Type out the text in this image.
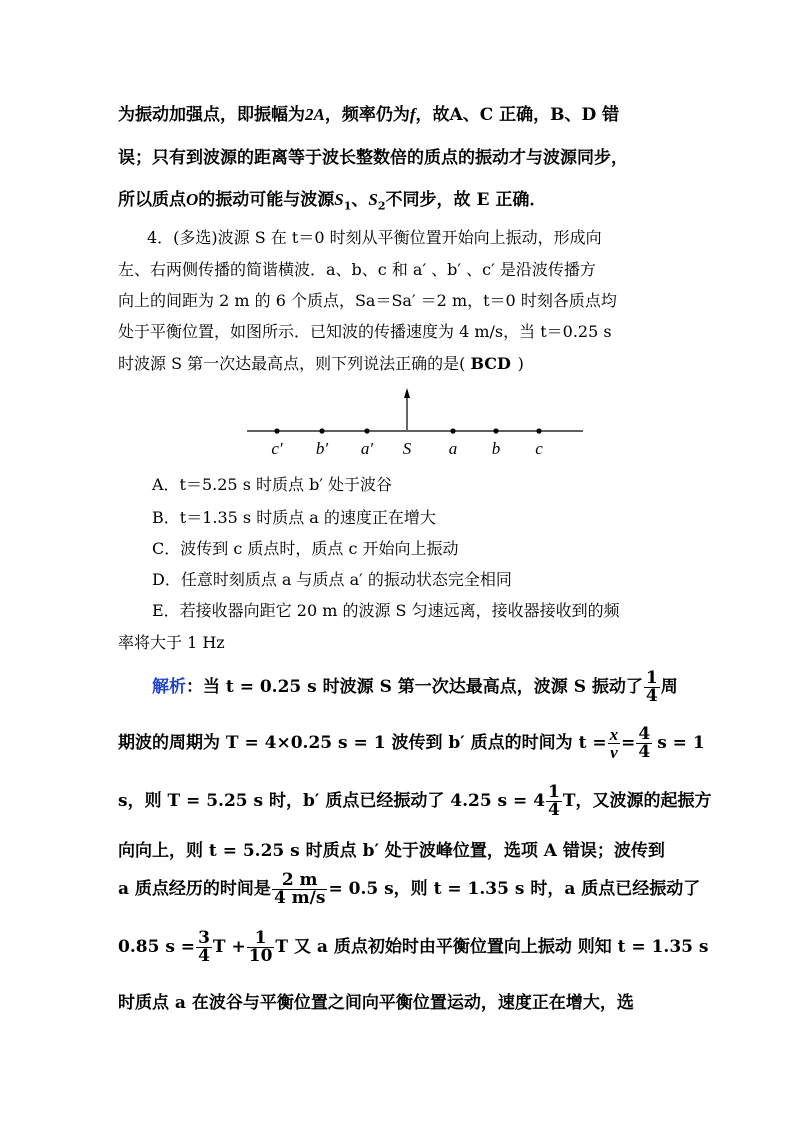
为振动加强点，即振幅为2A，频率仍为f，故A、C 正确，B、D 错
误；只有到波源的距离等于波长整数倍的质点的振动才与波源同步，
所以质点O的振动可能与波源$S_1$、$S_2$不同步，故 E 正确．
4．(多选)波源 S 在 t＝0 时刻从平衡位置开始向上振动，形成向
左、右两侧传播的简谐横波．a、b、c 和 a′ 、b′ 、c′ 是沿波传播方
向上的间距为 2 m 的 6 个质点，Sa＝Sa′ ＝2 m，t＝0 时刻各质点均
处于平衡位置，如图所示．已知波的传播速度为 4 m/s，当 t＝0.25 s
时波源 S 第一次达最高点，则下列说法正确的是( BCD )
c′ b′ a′ S a b c
A．t＝5.25 s 时质点 b′ 处于波谷
B．t＝1.35 s 时质点 a 的速度正在增大
C．波传到 c 质点时，质点 c 开始向上振动
D．任意时刻质点 a 与质点 a′ 的振动状态完全相同
E．若接收器向距它 20 m 的波源 S 匀速远离，接收器接收到的频
率将大于 1 Hz
解析：当 t = 0.25 s 时波源 S 第一次达最高点，波源 S 振动了 $\frac{1}{4}$ 周
期波的周期为 T = 4×0.25 s = 1 波传到 b′ 质点的时间为 $t = \frac{x}{v} = \frac{4}{4}$ s = 1
s，则 T = 5.25 s 时，b′ 质点已经振动了 4.25 $s = 4 \frac{1}{4}$ T，又波源的起振方
向向上，则 t = 5.25 s 时质点 b′ 处于波峰位置，选项 A 错误；波传到
a 质点经历的时间是 $\frac{2 m}{4 m/s} = 0.5$ s，则 t = 1.35 s 时，a 质点已经振动了
0.85 $s = \frac{3}{4}$ $T + \frac{1}{10}$ T 又 a 质点初始时由平衡位置向上振动 则知 t = 1.35 s
时质点 a 在波谷与平衡位置之间向平衡位置运动，速度正在增大，选
